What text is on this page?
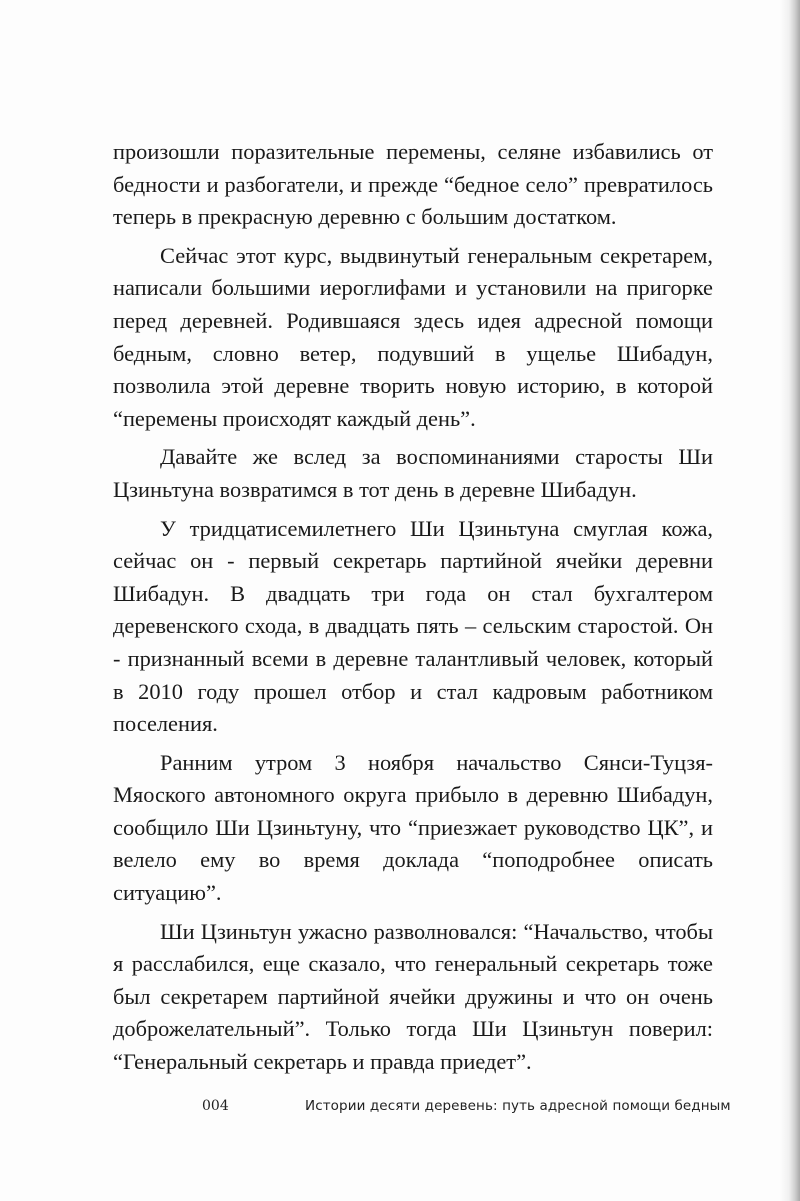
произошли поразительные перемены, селяне избавились от бедности и разбогатели, и прежде “бедное село” превратилось теперь в прекрасную деревню с большим достатком.

Сейчас этот курс, выдвинутый генеральным секретарем, написали большими иероглифами и установили на пригорке перед деревней. Родившаяся здесь идея адресной помощи бедным, словно ветер, подувший в ущелье Шибадун, позволила этой деревне творить новую историю, в которой “перемены происходят каждый день”.

Давайте же вслед за воспоминаниями старосты Ши Цзиньтуна возвратимся в тот день в деревне Шибадун.

У тридцатисемилетнего Ши Цзиньтуна смуглая кожа, сейчас он - первый секретарь партийной ячейки деревни Шибадун. В двадцать три года он стал бухгалтером деревенского схода, в двадцать пять – сельским старостой. Он - признанный всеми в деревне талантливый человек, который в 2010 году прошел отбор и стал кадровым работником поселения.

Ранним утром 3 ноября начальство Сянси-Туцзя-Мяоского автономного округа прибыло в деревню Шибадун, сообщило Ши Цзиньтуну, что “приезжает руководство ЦК”, и велело ему во время доклада “поподробнее описать ситуацию”.

Ши Цзиньтун ужасно разволновался: “Начальство, чтобы я расслабился, еще сказало, что генеральный секретарь тоже был секретарем партийной ячейки дружины и что он очень доброжелательный”. Только тогда Ши Цзиньтун поверил: “Генеральный секретарь и правда приедет”.

004	Истории десяти деревень: путь адресной помощи бедным
